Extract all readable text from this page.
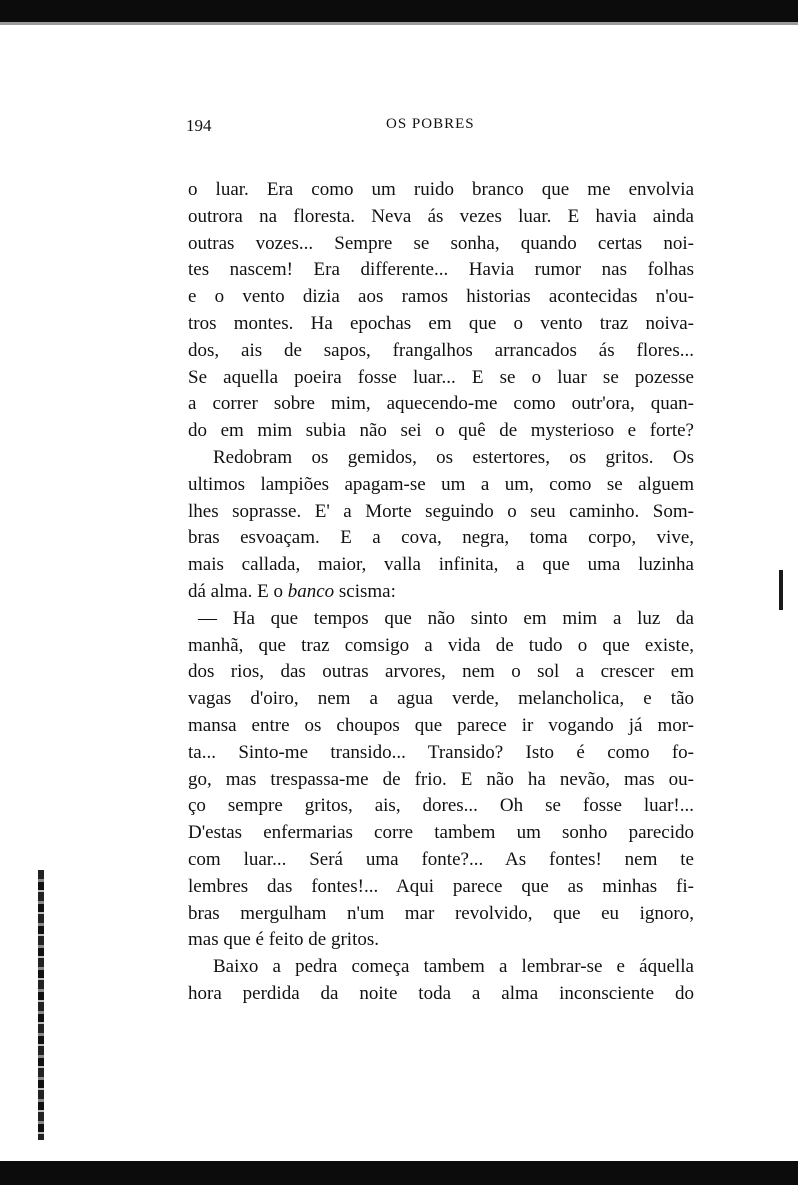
194	OS POBRES
o luar. Era como um ruido branco que me envolvia
outrora na floresta. Neva ás vezes luar. E havia ainda
outras vozes... Sempre se sonha, quando certas noi-
tes nascem! Era differente... Havia rumor nas folhas
e o vento dizia aos ramos historias acontecidas n'ou-
tros montes. Ha epochas em que o vento traz noiva-
dos, ais de sapos, frangalhos arrancados ás flores...
Se aquella poeira fosse luar... E se o luar se pozesse
a correr sobre mim, aquecendo-me como outr'ora, quan-
do em mim subia não sei o quê de mysterioso e forte?
Redobram os gemidos, os estertores, os gritos. Os
ultimos lampiões apagam-se um a um, como se alguem
lhes soprasse. E' a Morte seguindo o seu caminho. Som-
bras esvoaçam. E a cova, negra, toma corpo, vive,
mais callada, maior, valla infinita, a que uma luzinha
dá alma. E o banco scisma:
— Ha que tempos que não sinto em mim a luz da
manhã, que traz comsigo a vida de tudo o que existe,
dos rios, das outras arvores, nem o sol a crescer em
vagas d'oiro, nem a agua verde, melancholica, e tão
mansa entre os choupos que parece ir vogando já mor-
ta... Sinto-me transido... Transido? Isto é como fo-
go, mas trespassa-me de frio. E não ha nevão, mas ou-
ço sempre gritos, ais, dores... Oh se fosse luar!...
D'estas enfermarias corre tambem um sonho parecido
com luar... Será uma fonte?... As fontes! nem te
lembres das fontes!... Aqui parece que as minhas fi-
bras mergulham n'um mar revolvido, que eu ignoro,
mas que é feito de gritos.
Baixo a pedra começa tambem a lembrar-se e áquella
hora perdida da noite toda a alma inconsciente do
